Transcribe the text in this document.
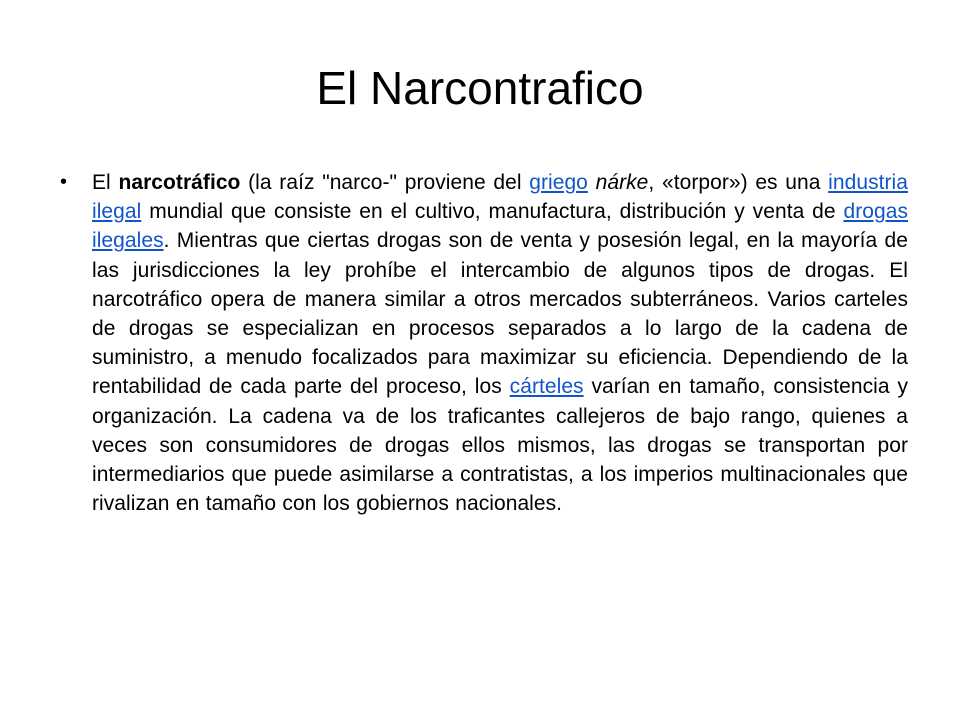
El Narcontrafico
• El narcotráfico (la raíz "narco-" proviene del griego nárke, «torpor») es una industria ilegal mundial que consiste en el cultivo, manufactura, distribución y venta de drogas ilegales. Mientras que ciertas drogas son de venta y posesión legal, en la mayoría de las jurisdicciones la ley prohíbe el intercambio de algunos tipos de drogas. El narcotráfico opera de manera similar a otros mercados subterráneos. Varios carteles de drogas se especializan en procesos separados a lo largo de la cadena de suministro, a menudo focalizados para maximizar su eficiencia. Dependiendo de la rentabilidad de cada parte del proceso, los cárteles varían en tamaño, consistencia y organización. La cadena va de los traficantes callejeros de bajo rango, quienes a veces son consumidores de drogas ellos mismos, las drogas se transportan por intermediarios que puede asimilarse a contratistas, a los imperios multinacionales que rivalizan en tamaño con los gobiernos nacionales.
